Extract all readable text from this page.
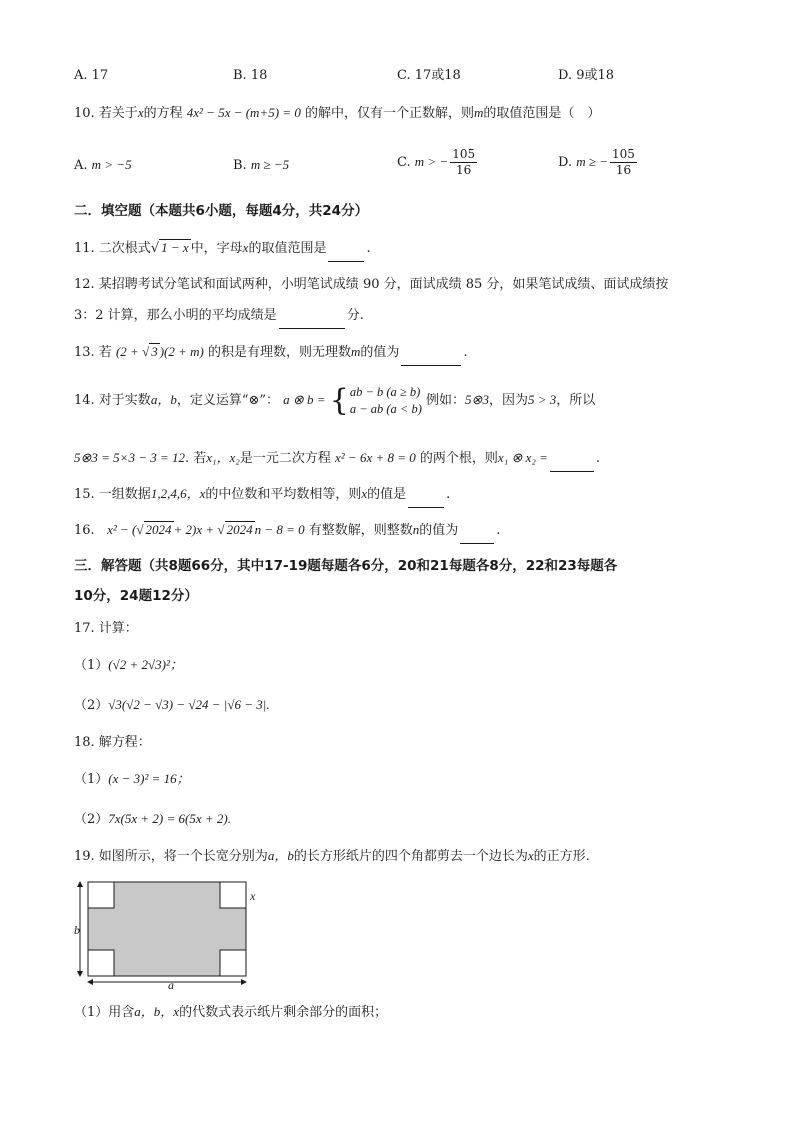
A. 17	B. 18	C. 17或18	D. 9或18
10. 若关于x的方程 4x² − 5x − (m+5) = 0 的解中，仅有一个正数解，则m的取值范围是（　）
A. m > −5	B. m ≥ −5	C. m > − $\frac{105}{16}$	D. m ≥ − $\frac{105}{16}$
二．填空题（本题共6小题，每题4分，共24分）
11. 二次根式√ 1 − x 中，字母x的取值范围是	.
12. 某招聘考试分笔试和面试两种，小明笔试成绩 90 分，面试成绩 85 分，如果笔试成绩、面试成绩按
3：2 计算，那么小明的平均成绩是	分.
13. 若 (2 + √ 3 )(2 + m) 的积是有理数，则无理数m的值为	.
14. 对于实数a，b，定义运算“⊗”： a ⊗ b = { ab − b (a ≥ b)
a − ab (a < b)
例如：5⊗3，因为5 > 3，所以
5⊗3 = 5×3 − 3 = 12. 若x₁，x₂是一元二次方程 x² − 6x + 8 = 0 的两个根，则x₁ ⊗ x₂ =	.
15. 一组数据1,2,4,6，x的中位数和平均数相等，则x的值是	.
16. x² − (√ 2024 + 2)x + √ 2024 n − 8 = 0 有整数解，则整数n的值为	.
三．解答题（共8题66分，其中17-19题每题各6分，20和21每题各8分，22和23每题各
10分，24题12分）
17. 计算：
（1）(√2 + 2√3)²；
（2）√3(√2 − √3) − √24 − |√6 − 3|.
18. 解方程：
（1）(x − 3)² = 16；
（2）7x(5x + 2) = 6(5x + 2).
19. 如图所示，将一个长宽分别为a，b的长方形纸片的四个角都剪去一个边长为x的正方形.
b
a
x
（1）用含a，b，x的代数式表示纸片剩余部分的面积；
